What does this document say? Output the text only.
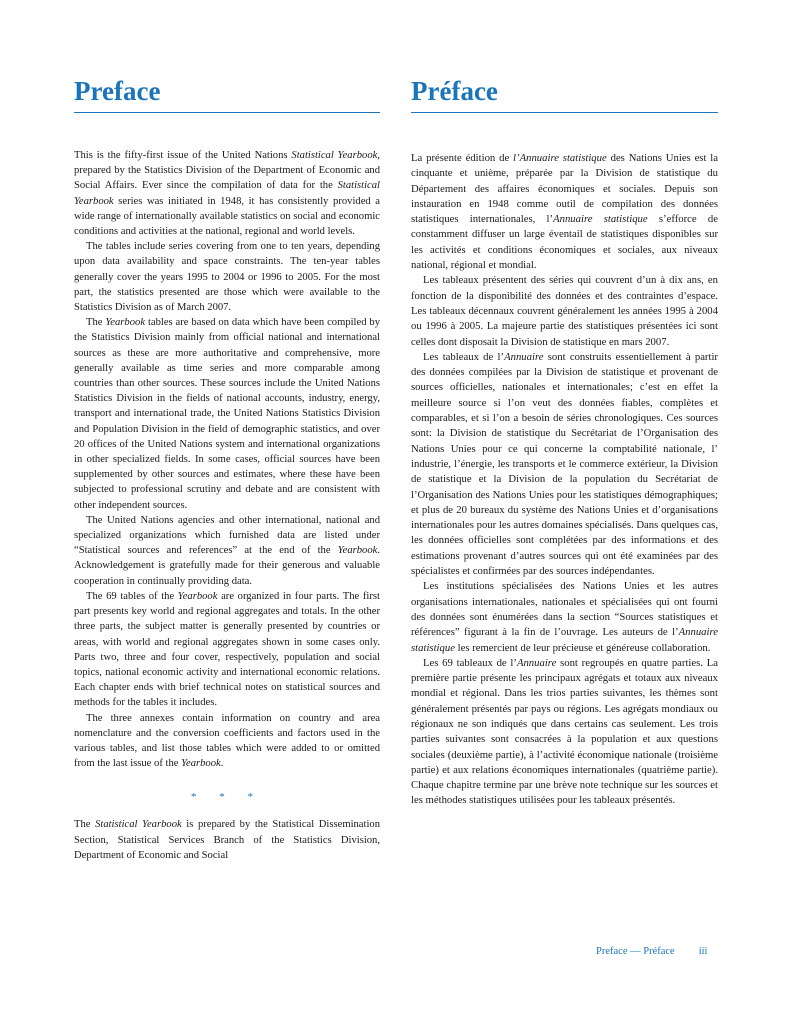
Preface

This is the fifty-first issue of the United Nations Statistical Yearbook, prepared by the Statistics Division of the Department of Economic and Social Affairs. Ever since the compilation of data for the Statistical Yearbook series was initiated in 1948, it has consistently provided a wide range of internationally available statistics on social and economic conditions and activities at the national, regional and world levels.

The tables include series covering from one to ten years, depending upon data availability and space constraints. The ten-year tables generally cover the years 1995 to 2004 or 1996 to 2005. For the most part, the statistics presented are those which were available to the Statistics Division as of March 2007.

The Yearbook tables are based on data which have been compiled by the Statistics Division mainly from official national and international sources as these are more authoritative and comprehensive, more generally available as time series and more comparable among countries than other sources. These sources include the United Nations Statistics Division in the fields of national accounts, industry, energy, transport and international trade, the United Nations Statistics Division and Population Division in the field of demographic statistics, and over 20 offices of the United Nations system and international organizations in other specialized fields. In some cases, official sources have been supplemented by other sources and estimates, where these have been subjected to professional scrutiny and debate and are consistent with other independent sources.

The United Nations agencies and other international, national and specialized organizations which furnished data are listed under “Statistical sources and references” at the end of the Yearbook. Acknowledgement is gratefully made for their generous and valuable cooperation in continually providing data.

The 69 tables of the Yearbook are organized in four parts. The first part presents key world and regional aggregates and totals. In the other three parts, the subject matter is generally presented by countries or areas, with world and regional aggregates shown in some cases only. Parts two, three and four cover, respectively, population and social topics, national economic activity and international economic relations. Each chapter ends with brief technical notes on statistical sources and methods for the tables it includes.

The three annexes contain information on country and area nomenclature and the conversion coefficients and factors used in the various tables, and list those tables which were added to or omitted from the last issue of the Yearbook.

* * *

The Statistical Yearbook is prepared by the Statistical Dissemination Section, Statistical Services Branch of the Statistics Division, Department of Economic and Social

Préface

La présente édition de l’Annuaire statistique des Nations Unies est la cinquante et unième, préparée par la Division de statistique du Département des affaires économiques et sociales. Depuis son instauration en 1948 comme outil de compilation des données statistiques internationales, l’Annuaire statistique s’efforce de constamment diffuser un large éventail de statistiques disponibles sur les activités et conditions économiques et sociales, aux niveaux national, régional et mondial.

Les tableaux présentent des séries qui couvrent d’un à dix ans, en fonction de la disponibilité des données et des contraintes d’espace. Les tableaux décennaux couvrent généralement les années 1995 à 2004 ou 1996 à 2005. La majeure partie des statistiques présentées ici sont celles dont disposait la Division de statistique en mars 2007.

Les tableaux de l’Annuaire sont construits essentiellement à partir des données compilées par la Division de statistique et provenant de sources officielles, nationales et internationales; c’est en effet la meilleure source si l’on veut des données fiables, complètes et comparables, et si l’on a besoin de séries chronologiques. Ces sources sont: la Division de statistique du Secrétariat de l’Organisation des Nations Unies pour ce qui concerne la comptabilité nationale, l’ industrie, l’énergie, les transports et le commerce extérieur, la Division de statistique et la Division de la population du Secrétariat de l’Organisation des Nations Unies pour les statistiques démographiques; et plus de 20 bureaux du système des Nations Unies et d’organisations internationales pour les autres domaines spécialisés. Dans quelques cas, les données officielles sont complétées par des informations et des estimations provenant d’autres sources qui ont été examinées par des spécialistes et confirmées par des sources indépendantes.

Les institutions spécialisées des Nations Unies et les autres organisations internationales, nationales et spécialisées qui ont fourni des données sont énumérées dans la section “Sources statistiques et références” figurant à la fin de l’ouvrage. Les auteurs de l’Annuaire statistique les remercient de leur précieuse et généreuse collaboration.

Les 69 tableaux de l’Annuaire sont regroupés en quatre parties. La première partie présente les principaux agrégats et totaux aux niveaux mondial et régional. Dans les trios parties suivantes, les thèmes sont généralement présentés par pays ou régions. Les agrégats mondiaux ou régionaux ne son indiqués que dans certains cas seulement. Les trois parties suivantes sont consacrées à la population et aux questions sociales (deuxième partie), à l’activité économique nationale (troisième partie) et aux relations économiques internationales (quatrième partie). Chaque chapitre termine par une brève note technique sur les sources et les méthodes statistiques utilisées pour les tableaux présentés.

Preface — Préface iii
